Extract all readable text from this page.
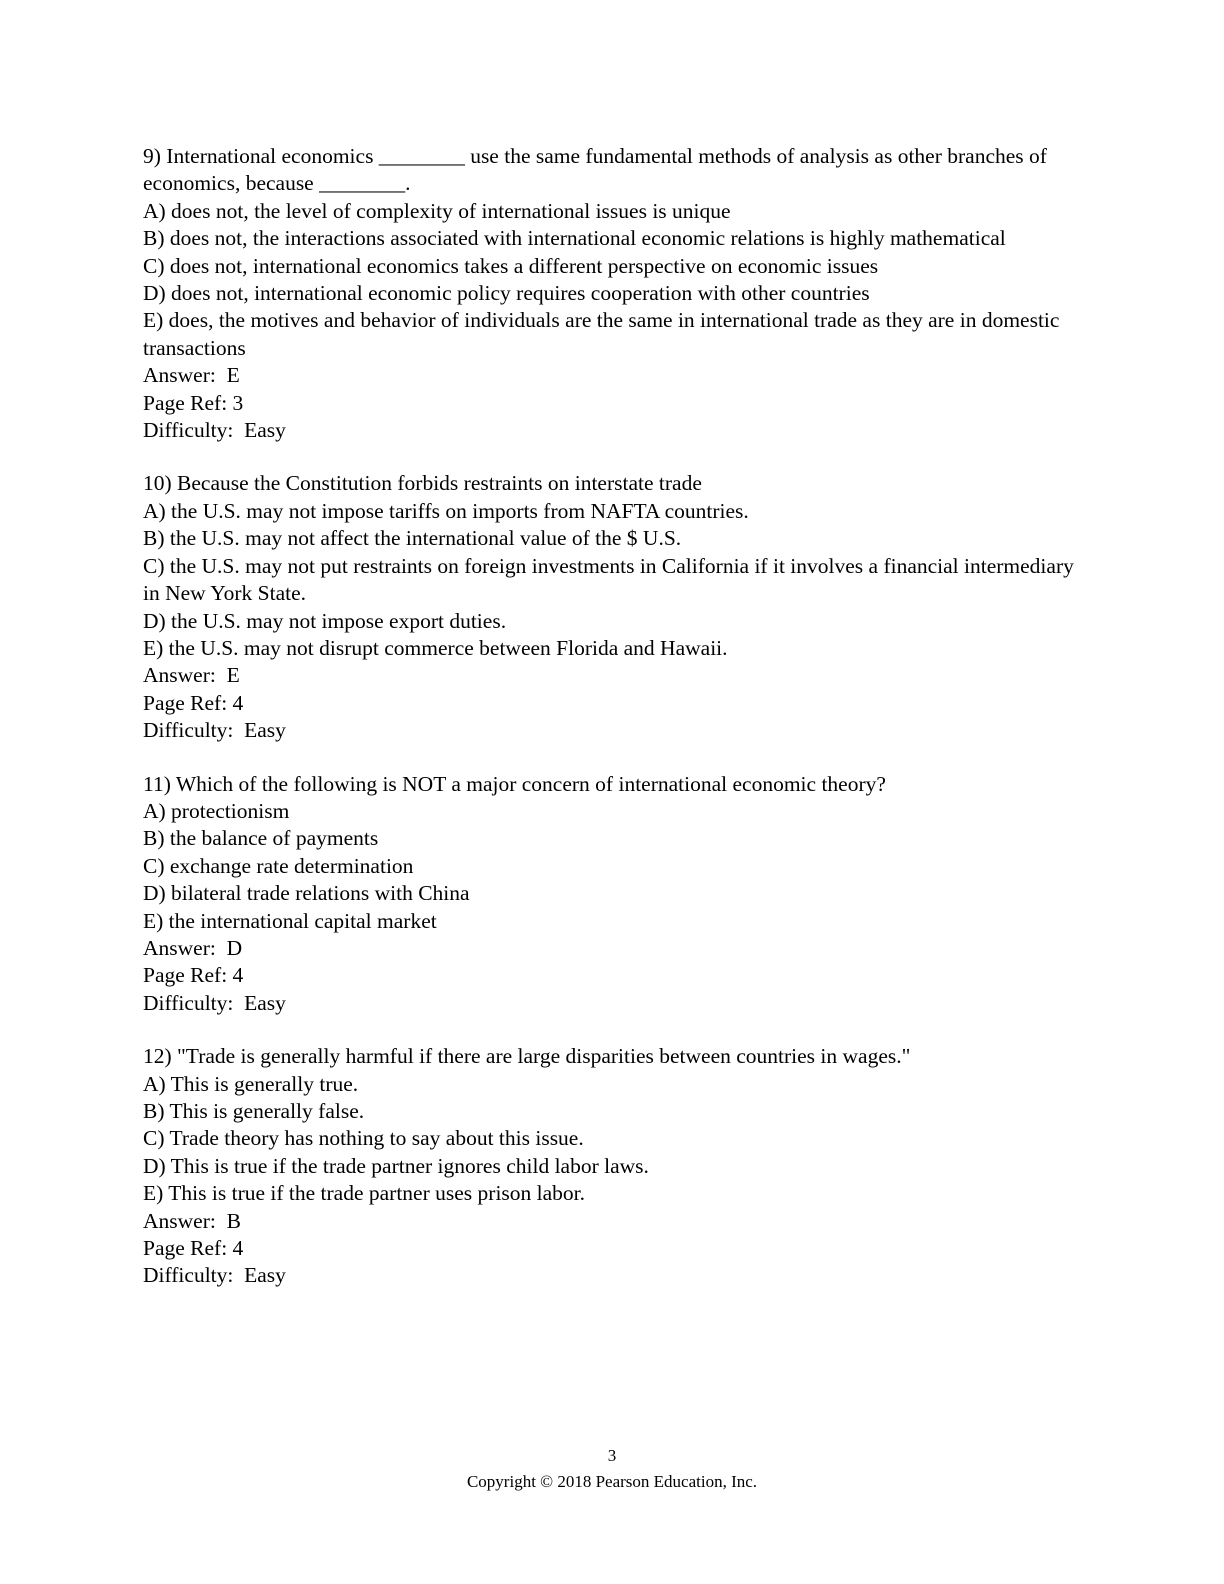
9) International economics ________ use the same fundamental methods of analysis as other branches of economics, because ________.
A) does not, the level of complexity of international issues is unique
B) does not, the interactions associated with international economic relations is highly mathematical
C) does not, international economics takes a different perspective on economic issues
D) does not, international economic policy requires cooperation with other countries
E) does, the motives and behavior of individuals are the same in international trade as they are in domestic transactions
Answer:  E
Page Ref: 3
Difficulty:  Easy
10) Because the Constitution forbids restraints on interstate trade
A) the U.S. may not impose tariffs on imports from NAFTA countries.
B) the U.S. may not affect the international value of the $ U.S.
C) the U.S. may not put restraints on foreign investments in California if it involves a financial intermediary in New York State.
D) the U.S. may not impose export duties.
E) the U.S. may not disrupt commerce between Florida and Hawaii.
Answer:  E
Page Ref: 4
Difficulty:  Easy
11) Which of the following is NOT a major concern of international economic theory?
A) protectionism
B) the balance of payments
C) exchange rate determination
D) bilateral trade relations with China
E) the international capital market
Answer:  D
Page Ref: 4
Difficulty:  Easy
12) "Trade is generally harmful if there are large disparities between countries in wages."
A) This is generally true.
B) This is generally false.
C) Trade theory has nothing to say about this issue.
D) This is true if the trade partner ignores child labor laws.
E) This is true if the trade partner uses prison labor.
Answer:  B
Page Ref: 4
Difficulty:  Easy
3
Copyright © 2018 Pearson Education, Inc.
